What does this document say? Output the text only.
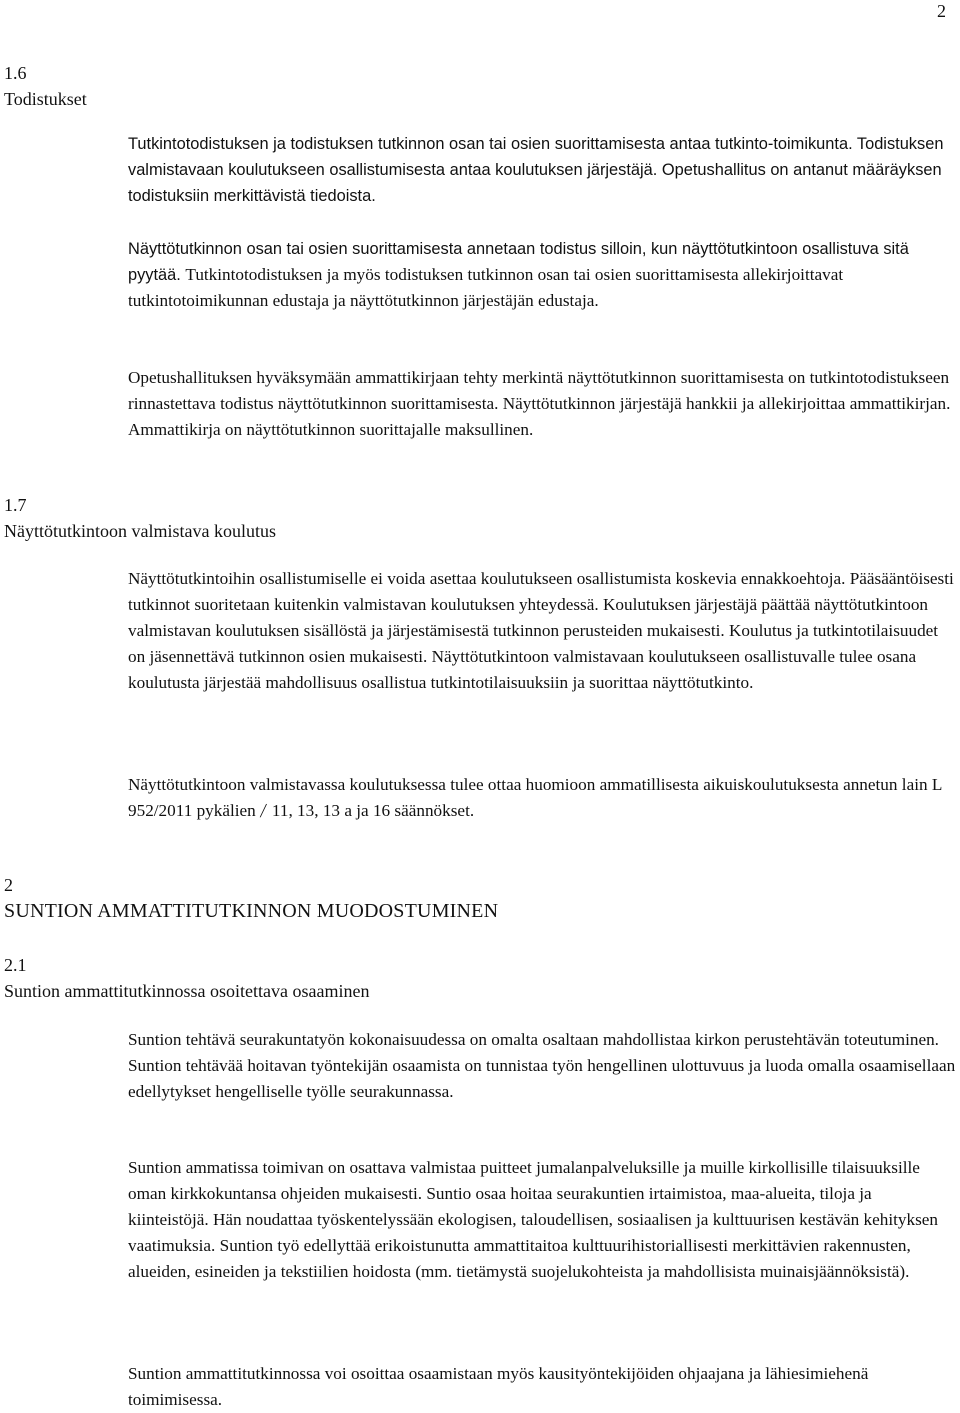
2
1.6
Todistukset

Tutkintotodistuksen ja todistuksen tutkinnon osan tai osien suorittamisesta antaa tutkinto-toimikunta. Todistuksen valmistavaan koulutukseen osallistumisesta antaa koulutuksen järjestäjä. Opetushallitus on antanut määräyksen todistuksiin merkittävistä tiedoista.

Näyttötutkinnon osan tai osien suorittamisesta annetaan todistus silloin, kun näyttötutkintoon osallistuva sitä pyytää. Tutkintotodistuksen ja myös todistuksen tutkinnon osan tai osien suorittamisesta allekirjoittavat tutkintotoimikunnan edustaja ja näyttötutkinnon järjestäjän edustaja.

Opetushallituksen hyväksymään ammattikirjaan tehty merkintä näyttötutkinnon suorittamisesta on tutkintotodistukseen rinnastettava todistus näyttötutkinnon suorittamisesta. Näyttötutkinnon järjestäjä hankkii ja allekirjoittaa ammattikirjan. Ammattikirja on näyttötutkinnon suorittajalle maksullinen.

1.7
Näyttötutkintoon valmistava koulutus

Näyttötutkintoihin osallistumiselle ei voida asettaa koulutukseen osallistumista koskevia ennakkoehtoja. Pääsääntöisesti tutkinnot suoritetaan kuitenkin valmistavan koulutuksen yhteydessä. Koulutuksen järjestäjä päättää näyttötutkintoon valmistavan koulutuksen sisällöstä ja järjestämisestä tutkinnon perusteiden mukaisesti. Koulutus ja tutkintotilaisuudet on jäsennettävä tutkinnon osien mukaisesti. Näyttötutkintoon valmistavaan koulutukseen osallistuvalle tulee osana koulutusta järjestää mahdollisuus osallistua tutkintotilaisuuksiin ja suorittaa näyttötutkinto.

Näyttötutkintoon valmistavassa koulutuksessa tulee ottaa huomioon ammatillisesta aikuiskoulutuksesta annetun lain L 952/2011 pykälien / 11, 13, 13 a ja 16 säännökset.

2
SUNTION AMMATTITUTKINNON MUODOSTUMINEN
2.1
Suntion ammattitutkinnossa osoitettava osaaminen

Suntion tehtävä seurakuntatyön kokonaisuudessa on omalta osaltaan mahdollistaa kirkon perustehtävän toteutuminen. Suntion tehtävää hoitavan työntekijän osaamista on tunnistaa työn hengellinen ulottuvuus ja luoda omalla osaamisellaan edellytykset hengelliselle työlle seurakunnassa.

Suntion ammatissa toimivan on osattava valmistaa puitteet jumalanpalveluksille ja muille kirkollisille tilaisuuksille oman kirkkokuntansa ohjeiden mukaisesti. Suntio osaa hoitaa seurakuntien irtaimistoa, maa-alueita, tiloja ja kiinteistöjä. Hän noudattaa työskentelyssään ekologisen, taloudellisen, sosiaalisen ja kulttuurisen kestävän kehityksen vaatimuksia. Suntion työ edellyttää erikoistunutta ammattitaitoa kulttuurihistoriallisesti merkittävien rakennusten, alueiden, esineiden ja tekstiilien hoidosta (mm. tietämystä suojelukohteista ja mahdollisista muinaisjäännöksistä).

Suntion ammattitutkinnossa voi osoittaa osaamistaan myös kausityöntekijöiden ohjaajana ja lähiesimiehenä toimimisessa.
